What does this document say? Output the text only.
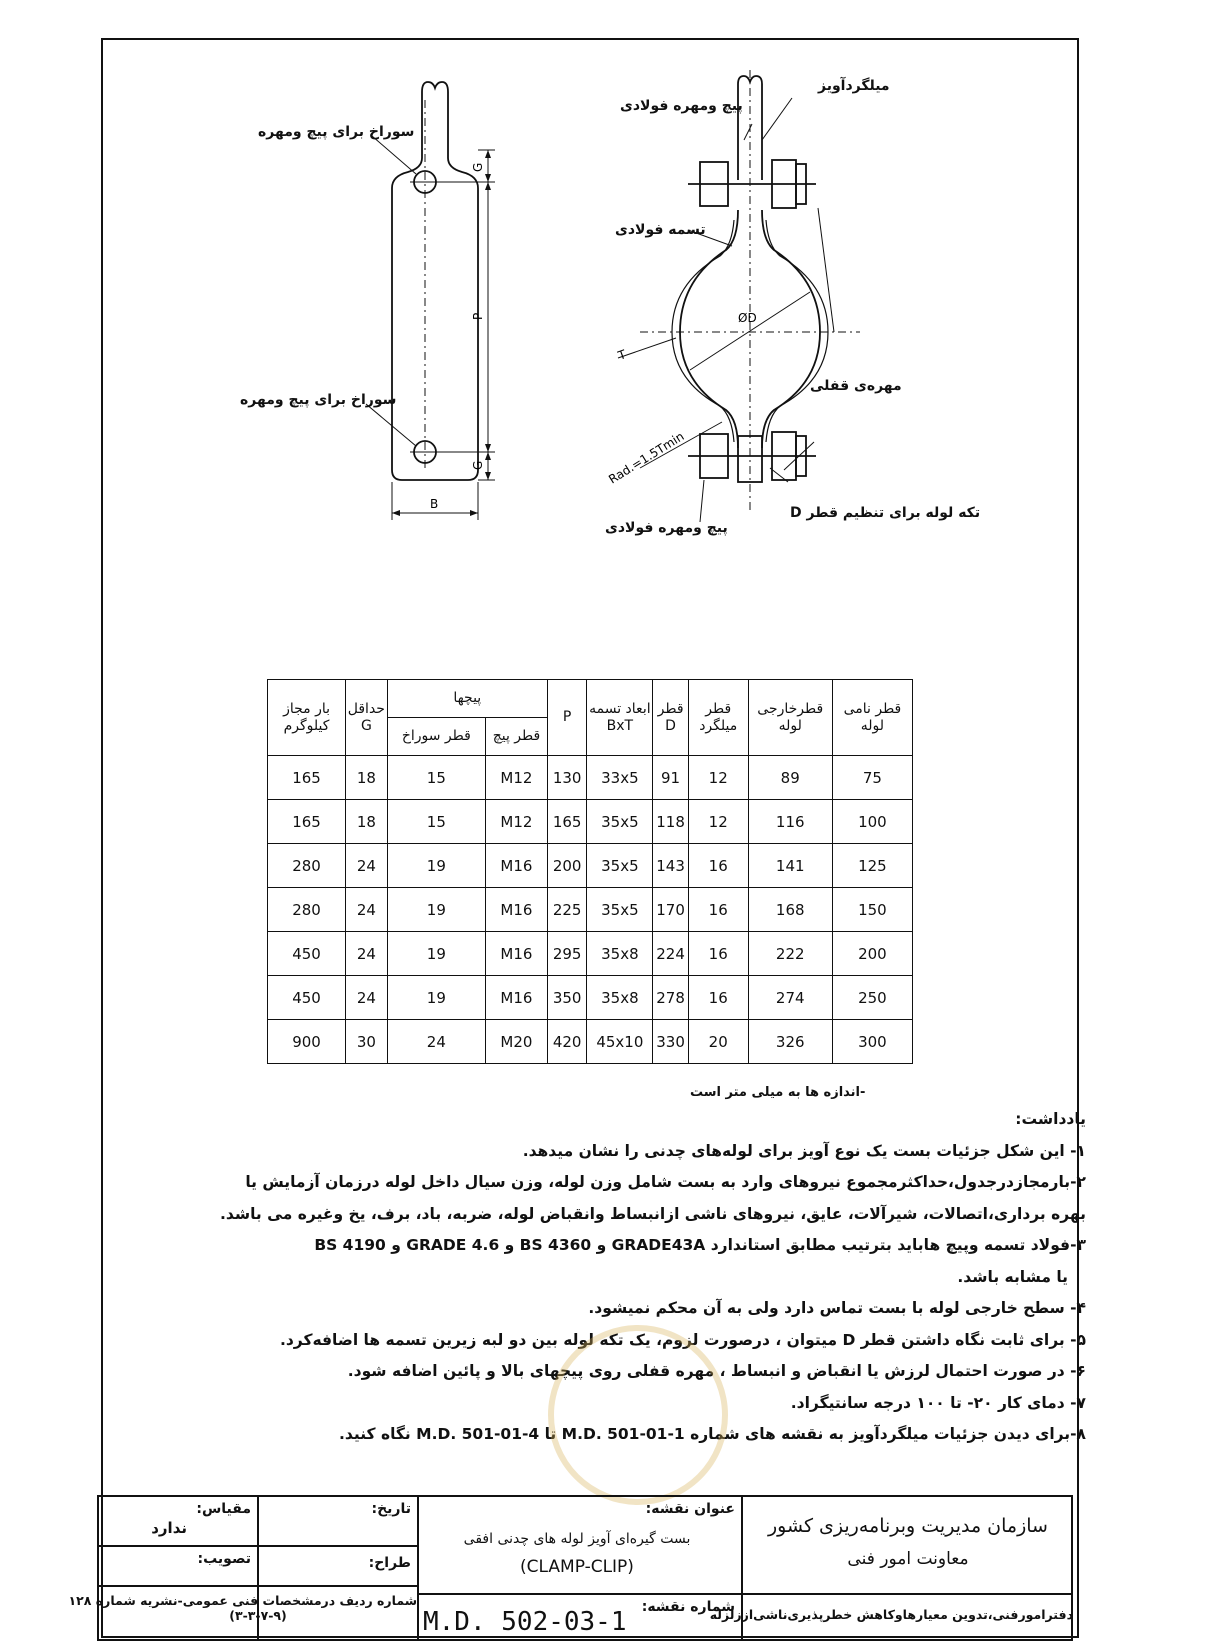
G
P
G
B
سوراخ برای پیچ ومهره
سوراخ برای پیچ ومهره
ØD
T
Rad.=1.5Tmin
میلگردآویز
پیچ ومهره فولادی
تسمه فولادی
مهره‌ی قفلی
تکه لوله برای تنظیم قطر D
پیچ ومهره فولادی
بار مجاز کیلوگرم	حداقل G	پیچها		P	ابعاد تسمه BxT	قطر D	قطر میلگرد	قطرخارجی لوله	قطر نامی لوله
		قطر سوراخ	قطر پیچ						
165	18	15	M12	130	33x5	91	12	89	75
165	18	15	M12	165	35x5	118	12	116	100
280	24	19	M16	200	35x5	143	16	141	125
280	24	19	M16	225	35x5	170	16	168	150
450	24	19	M16	295	35x8	224	16	222	200
450	24	19	M16	350	35x8	278	16	274	250
900	30	24	M20	420	45x10	330	20	326	300
-اندازه ها به میلی متر است
یادداشت:
۱- این شکل جزئیات بست یک نوع آویز برای لوله‌های چدنی را نشان میدهد.
۲-بارمجازدرجدول،حداکثرمجموع نیروهای وارد به بست شامل وزن لوله، وزن سیال داخل لوله درزمان آزمایش یا
بهره برداری،اتصالات، شیرآلات، عایق، نیروهای ناشی ازانبساط وانقباض لوله، ضربه، باد، برف، یخ وغیره می باشد.
۳-فولاد تسمه وپیچ هاباید بترتیب مطابق استاندارد GRADE43A و BS 4360 و GRADE 4.6 و BS 4190
یا مشابه باشد.
۴- سطح خارجی لوله با بست تماس دارد ولی به آن محکم نمیشود.
۵- برای ثابت نگاه داشتن قطر D میتوان ، درصورت لزوم، یک تکه لوله بین دو لبه زیرین تسمه ها اضافه‌کرد.
۶- در صورت احتمال لرزش یا انقباض و انبساط ، مهره قفلی روی پیچهای بالا و پائین اضافه شود.
۷- دمای کار ۲۰- تا ۱۰۰ درجه سانتیگراد.
۸-برای دیدن جزئیات میلگردآویز به نقشه های شماره M.D. 501-01-1 تا M.D. 501-01-4 نگاه کنید.
مقیاس:
ندارد
تاریخ:
تصویب:	طراح:
شماره ردیف درمشخصات فنی عمومی-نشریه شماره ۱۲۸
(۳-۳-۷-۹)
عنوان نقشه:
بست گیره‌ای آویز لوله های چدنی افقی
(CLAMP-CLIP)
شماره نقشه:
M.D. 502-03-1
سازمان مدیریت وبرنامه‌ریزی کشور
معاونت امور فنی
دفترامورفنی،تدوین معیارهاوکاهش خطرپذیری‌ناشی‌اززلزله
